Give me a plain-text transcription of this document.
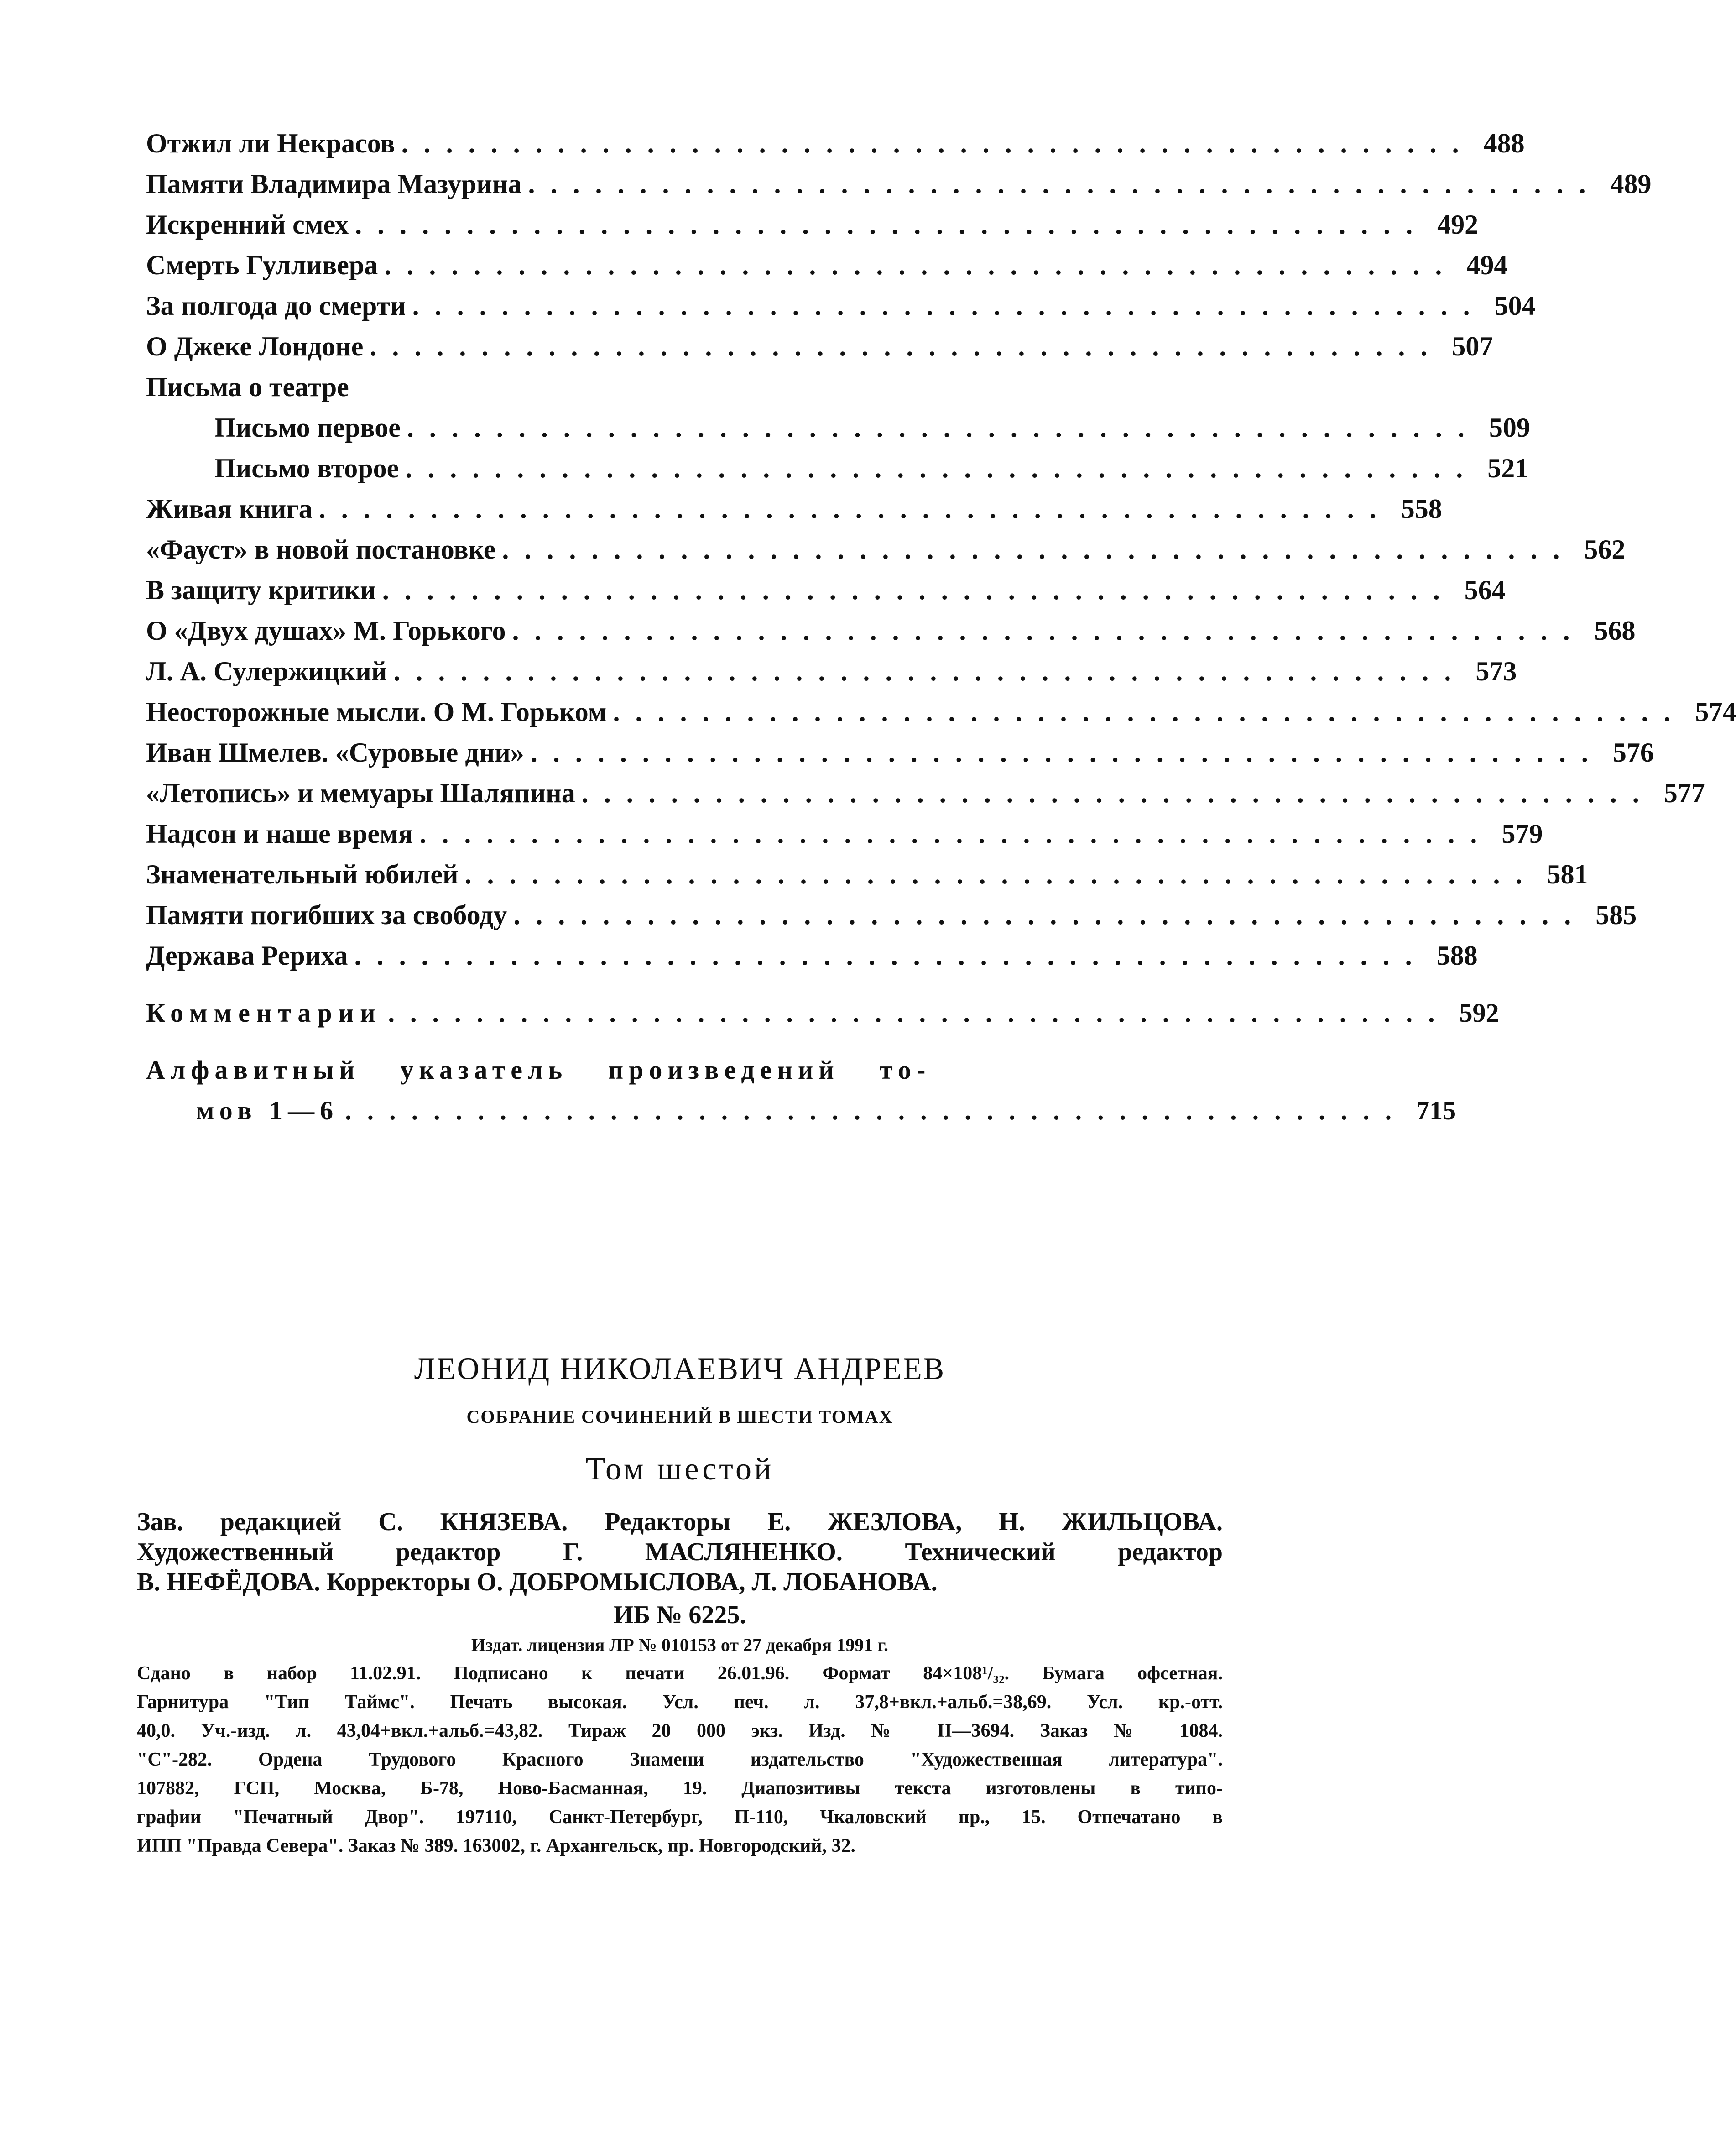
Отжил ли Некрасов ................................................ 488
Памяти Владимира Мазурина ................................................ 489
Искренний смех ................................................ 492
Смерть Гулливера ................................................ 494
За полгода до смерти ................................................ 504
О Джеке Лондоне ................................................ 507
Письма о театре
Письмо первое ................................................ 509
Письмо второе ................................................ 521
Живая книга ................................................ 558
«Фауст» в новой постановке ................................................ 562
В защиту критики ................................................ 564
О «Двух душах» М. Горького ................................................ 568
Л. А. Сулержицкий ................................................ 573
Неосторожные мысли. О М. Горьком ................................................ 574
Иван Шмелев. «Суровые дни» ................................................ 576
«Летопись» и мемуары Шаляпина ................................................ 577
Надсон и наше время ................................................ 579
Знаменательный юбилей ................................................ 581
Памяти погибших за свободу ................................................ 585
Держава Рериха ................................................ 588
Комментарии ................................................ 592
Алфавитный указатель произведений то-
мов 1—6 ................................................ 715
ЛЕОНИД НИКОЛАЕВИЧ АНДРЕЕВ
СОБРАНИЕ СОЧИНЕНИЙ В ШЕСТИ ТОМАХ
Том шестой
Зав. редакцией С. КНЯЗЕВА. Редакторы Е. ЖЕЗЛОВА, Н. ЖИЛЬЦОВА.
Художественный редактор Г. МАСЛЯНЕНКО. Технический редактор
В. НЕФЁДОВА. Корректоры О. ДОБРОМЫСЛОВА, Л. ЛОБАНОВА.
ИБ № 6225.
Издат. лицензия ЛР № 010153 от 27 декабря 1991 г.
Сдано в набор 11.02.91. Подписано к печати 26.01.96. Формат 84×108¹/₃₂. Бумага офсетная.
Гарнитура "Тип Таймс". Печать высокая. Усл. печ. л. 37,8+вкл.+альб.=38,69. Усл. кр.-отт.
40,0. Уч.-изд. л. 43,04+вкл.+альб.=43,82. Тираж 20 000 экз. Изд. № II—3694. Заказ № 1084.
"С"-282. Ордена Трудового Красного Знамени издательство "Художественная литература".
107882, ГСП, Москва, Б-78, Ново-Басманная, 19. Диапозитивы текста изготовлены в типо-
графии "Печатный Двор". 197110, Санкт-Петербург, П-110, Чкаловский пр., 15. Отпечатано в
ИПП "Правда Севера". Заказ № 389. 163002, г. Архангельск, пр. Новгородский, 32.
